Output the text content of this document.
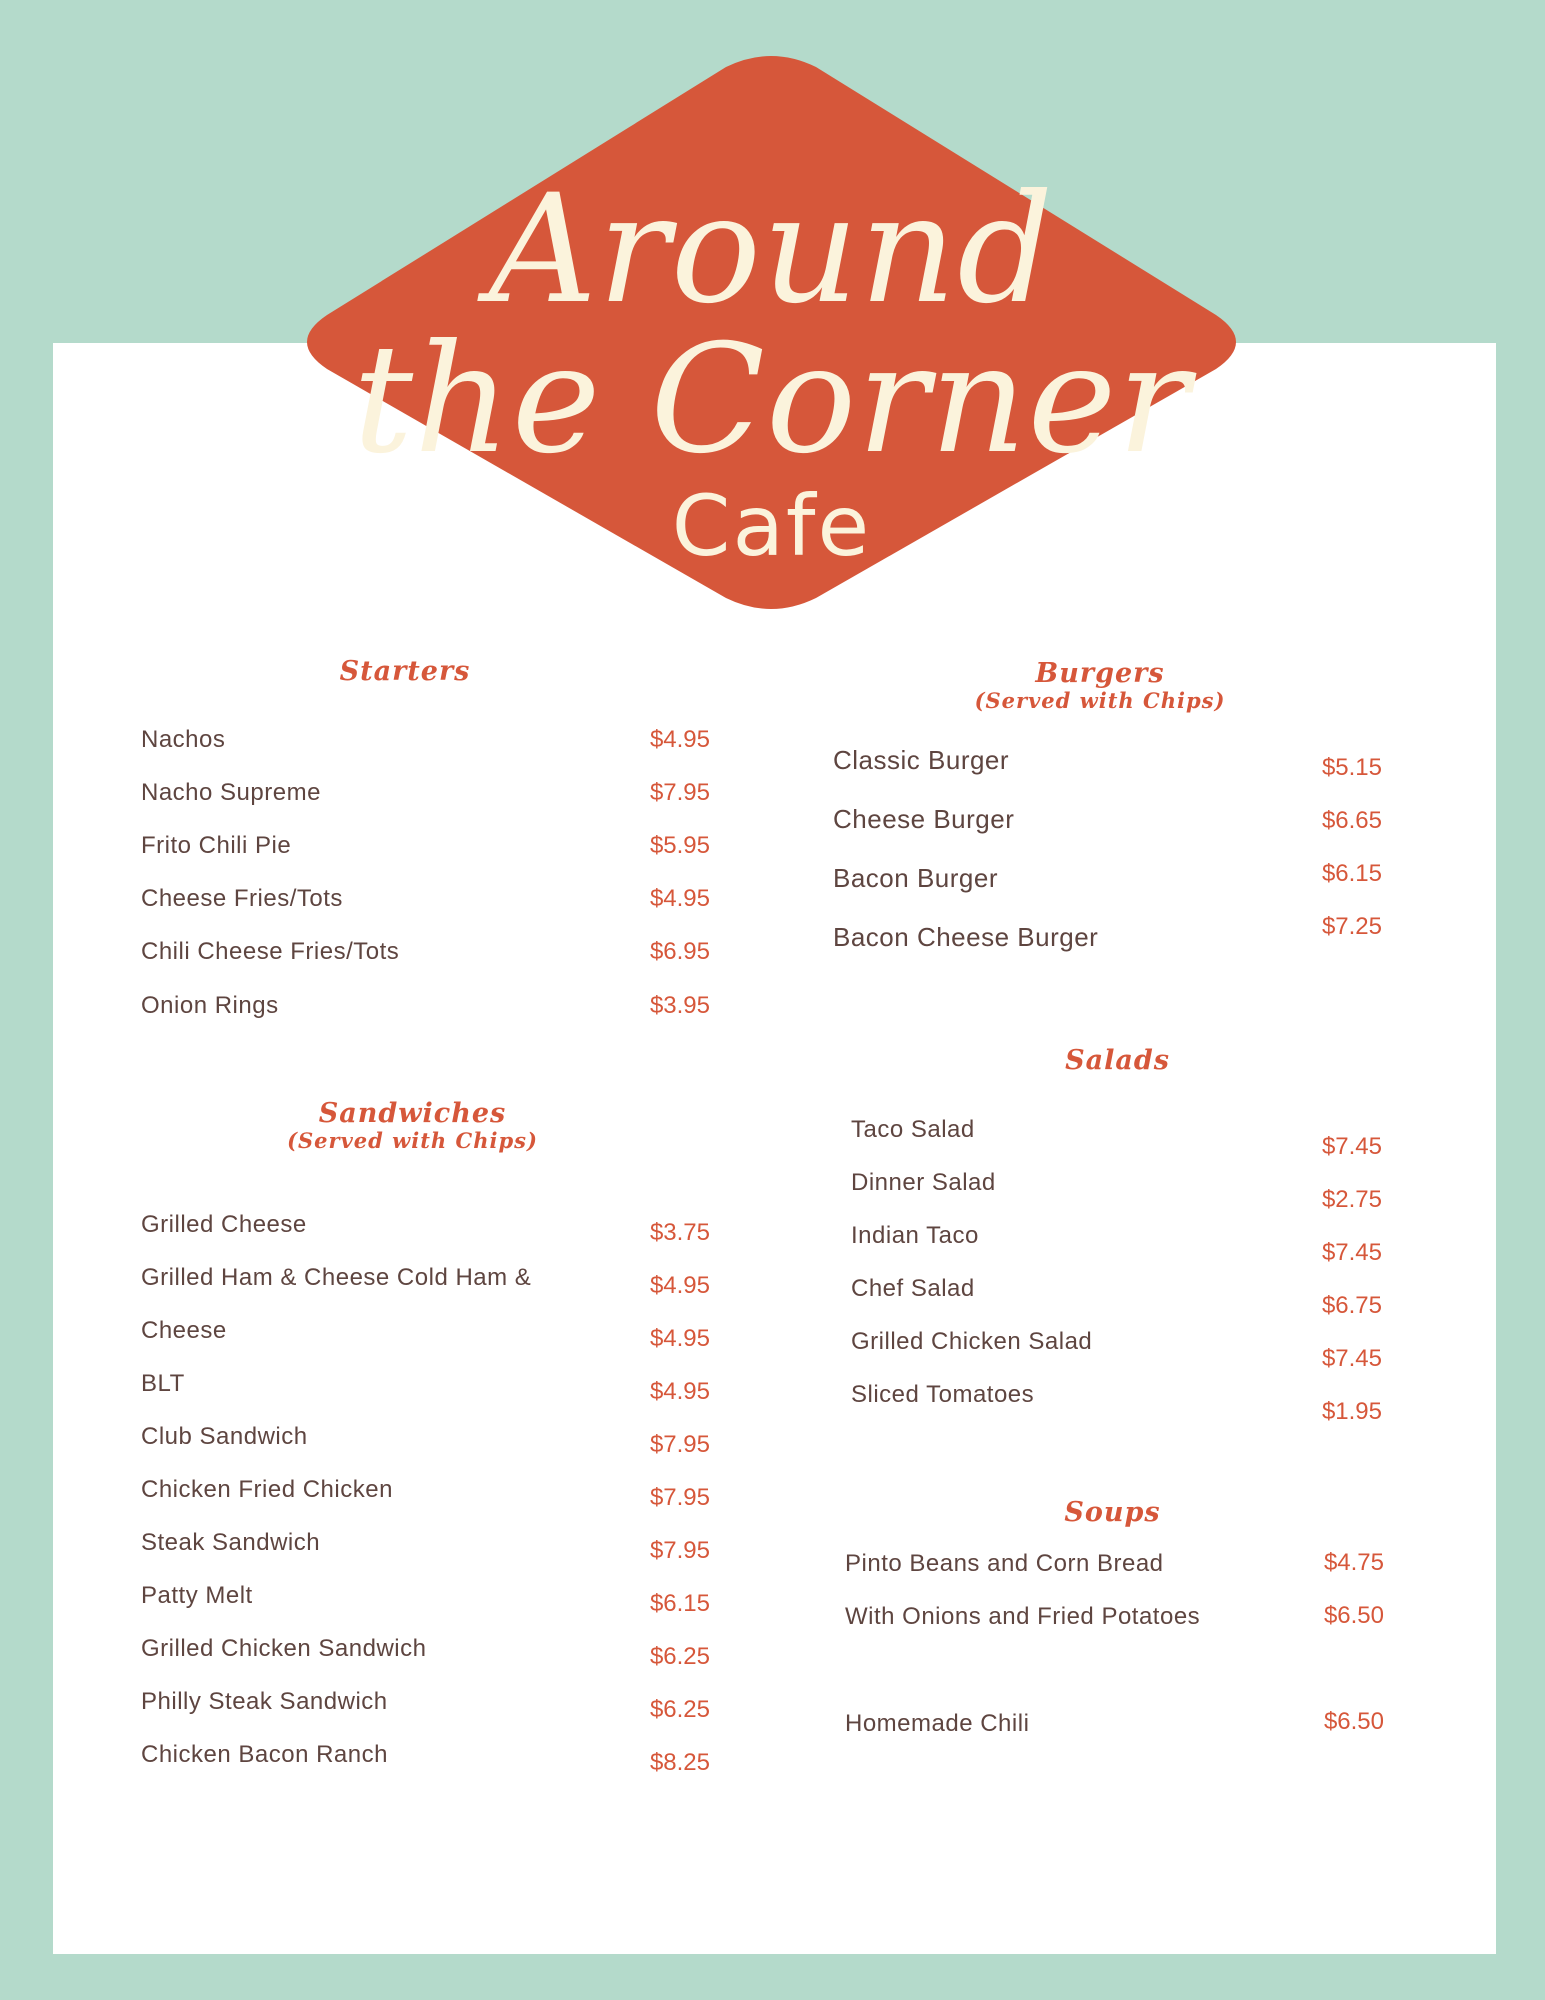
Around
the Corner
Cafe
Starters
Nachos	$4.95
Nacho Supreme	$7.95
Frito Chili Pie	$5.95
Cheese Fries/Tots	$4.95
Chili Cheese Fries/Tots	$6.95
Onion Rings	$3.95
Sandwiches
(Served with Chips)
Grilled Cheese	$3.75
Grilled Ham & Cheese Cold Ham &	$4.95
Cheese	$4.95
BLT	$4.95
Club Sandwich	$7.95
Chicken Fried Chicken	$7.95
Steak Sandwich	$7.95
Patty Melt	$6.15
Grilled Chicken Sandwich	$6.25
Philly Steak Sandwich	$6.25
Chicken Bacon Ranch	$8.25
Burgers
(Served with Chips)
Classic Burger	$5.15
Cheese Burger	$6.65
Bacon Burger	$6.15
Bacon Cheese Burger	$7.25
Salads
Taco Salad
$7.45
Dinner Salad
$2.75
Indian Taco
$7.45
Chef Salad
$6.75
Grilled Chicken Salad
$7.45
Sliced Tomatoes
$1.95
Soups
Pinto Beans and Corn Bread	$4.75
With Onions and Fried Potatoes	$6.50
Homemade Chili	$6.50
